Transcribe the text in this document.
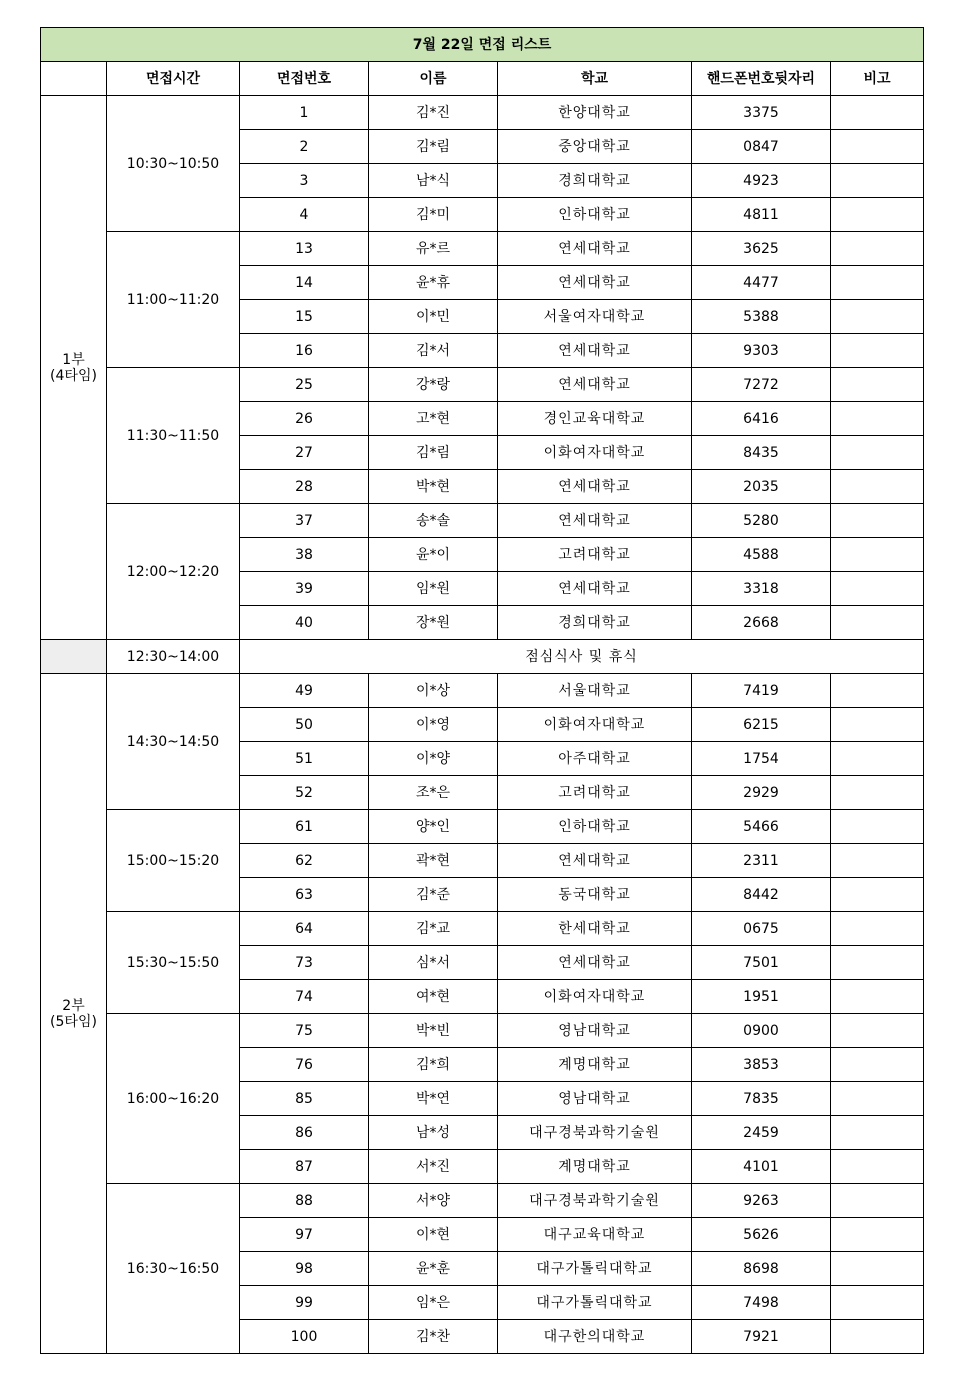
7월 22일 면접 리스트						
	면접시간	면접번호	이름	학교	핸드폰번호뒷자리	비고

1부
(4타임)	10:30~10:50	1	김*진	한양대학교	3375	
		2	김*림	중앙대학교	0847	
		3	남*식	경희대학교	4923	
		4	김*미	인하대학교	4811	
	11:00~11:20	13	유*르	연세대학교	3625	
		14	윤*휴	연세대학교	4477	
		15	이*민	서울여자대학교	5388	
		16	김*서	연세대학교	9303	
	11:30~11:50	25	강*랑	연세대학교	7272	
		26	고*현	경인교육대학교	6416	
		27	김*림	이화여자대학교	8435	
		28	박*현	연세대학교	2035	
	12:00~12:20	37	송*솔	연세대학교	5280	
		38	윤*이	고려대학교	4588	
		39	임*원	연세대학교	3318	
		40	장*원	경희대학교	2668	
	12:30~14:00	점심식사 및 휴식				

2부
(5타임)	14:30~14:50	49	이*상	서울대학교	7419	
		50	이*영	이화여자대학교	6215	
		51	이*양	아주대학교	1754	
		52	조*은	고려대학교	2929	
	15:00~15:20	61	양*인	인하대학교	5466	
		62	곽*현	연세대학교	2311	
		63	김*준	동국대학교	8442	
	15:30~15:50	64	김*교	한세대학교	0675	
		73	심*서	연세대학교	7501	
		74	여*현	이화여자대학교	1951	
	16:00~16:20	75	박*빈	영남대학교	0900	
		76	김*희	계명대학교	3853	
		85	박*연	영남대학교	7835	
		86	남*성	대구경북과학기술원	2459	
		87	서*진	계명대학교	4101	
	16:30~16:50	88	서*양	대구경북과학기술원	9263	
		97	이*현	대구교육대학교	5626	
		98	윤*훈	대구가톨릭대학교	8698	
		99	임*은	대구가톨릭대학교	7498	
		100	김*찬	대구한의대학교	7921	
